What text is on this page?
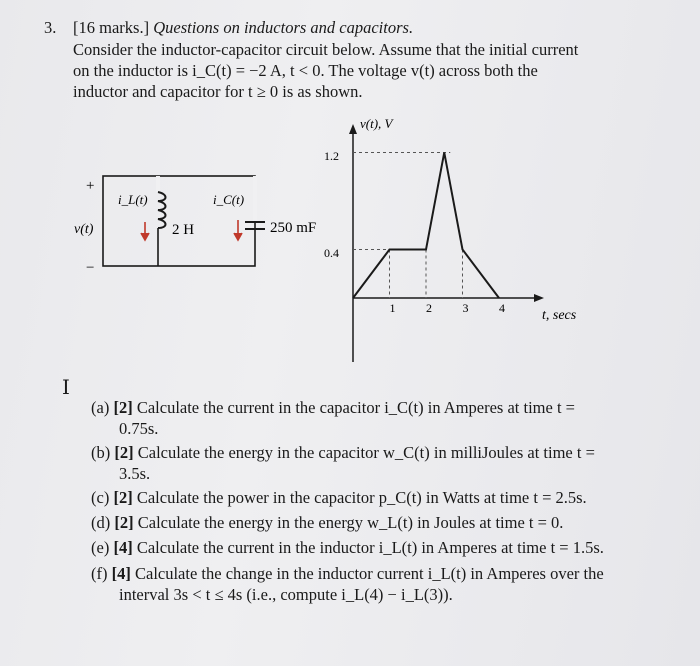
3. [16 marks.] Questions on inductors and capacitors.
Consider the inductor-capacitor circuit below. Assume that the initial current
on the inductor is i_C(t) = −2 A, t < 0. The voltage v(t) across both the
inductor and capacitor for t ≥ 0 is as shown.
+
−
v(t)
i_L(t)	i_C(t)
2 H	250 mF
v(t), V
t, secs
1.2
0.4
1	2	3	4
I
(a) [2] Calculate the current in the capacitor i_C(t) in Amperes at time t =
0.75s.
(b) [2] Calculate the energy in the capacitor w_C(t) in milliJoules at time t =
3.5s.
(c) [2] Calculate the power in the capacitor p_C(t) in Watts at time t = 2.5s.
(d) [2] Calculate the energy in the energy w_L(t) in Joules at time t = 0.
(e) [4] Calculate the current in the inductor i_L(t) in Amperes at time t = 1.5s.
(f) [4] Calculate the change in the inductor current i_L(t) in Amperes over the
interval 3s < t ≤ 4s (i.e., compute i_L(4) − i_L(3)).
